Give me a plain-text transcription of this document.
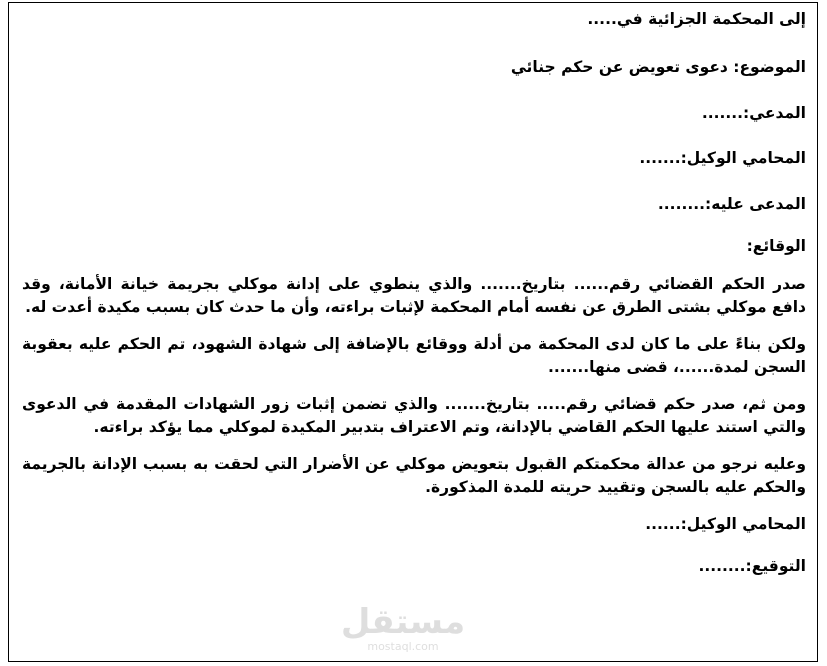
إلى المحكمة الجزائية في.....

الموضوع: دعوى تعويض عن حكم جنائي

المدعي:.......

المحامي الوكيل:.......

المدعى عليه:........

الوقائع:

صدر الحكم القضائي رقم...... بتاريخ....... والذي ينطوي على إدانة موكلي بجريمة خيانة الأمانة، وقد دافع موكلي بشتى الطرق عن نفسه أمام المحكمة لإثبات براءته، وأن ما حدث كان بسبب مكيدة أعدت له.

ولكن بناءً على ما كان لدى المحكمة من أدلة ووقائع بالإضافة إلى شهادة الشهود، تم الحكم عليه بعقوبة السجن لمدة......، قضى منها.......

ومن ثم، صدر حكم قضائي رقم..... بتاريخ....... والذي تضمن إثبات زور الشهادات المقدمة في الدعوى والتي استند عليها الحكم القاضي بالإدانة، وتم الاعتراف بتدبير المكيدة لموكلي مما يؤكد براءته.

وعليه نرجو من عدالة محكمتكم القبول بتعويض موكلي عن الأضرار التي لحقت به بسبب الإدانة بالجريمة والحكم عليه بالسجن وتقييد حريته للمدة المذكورة.

المحامي الوكيل:......

التوقيع:........

مستقل
mostaql.com
